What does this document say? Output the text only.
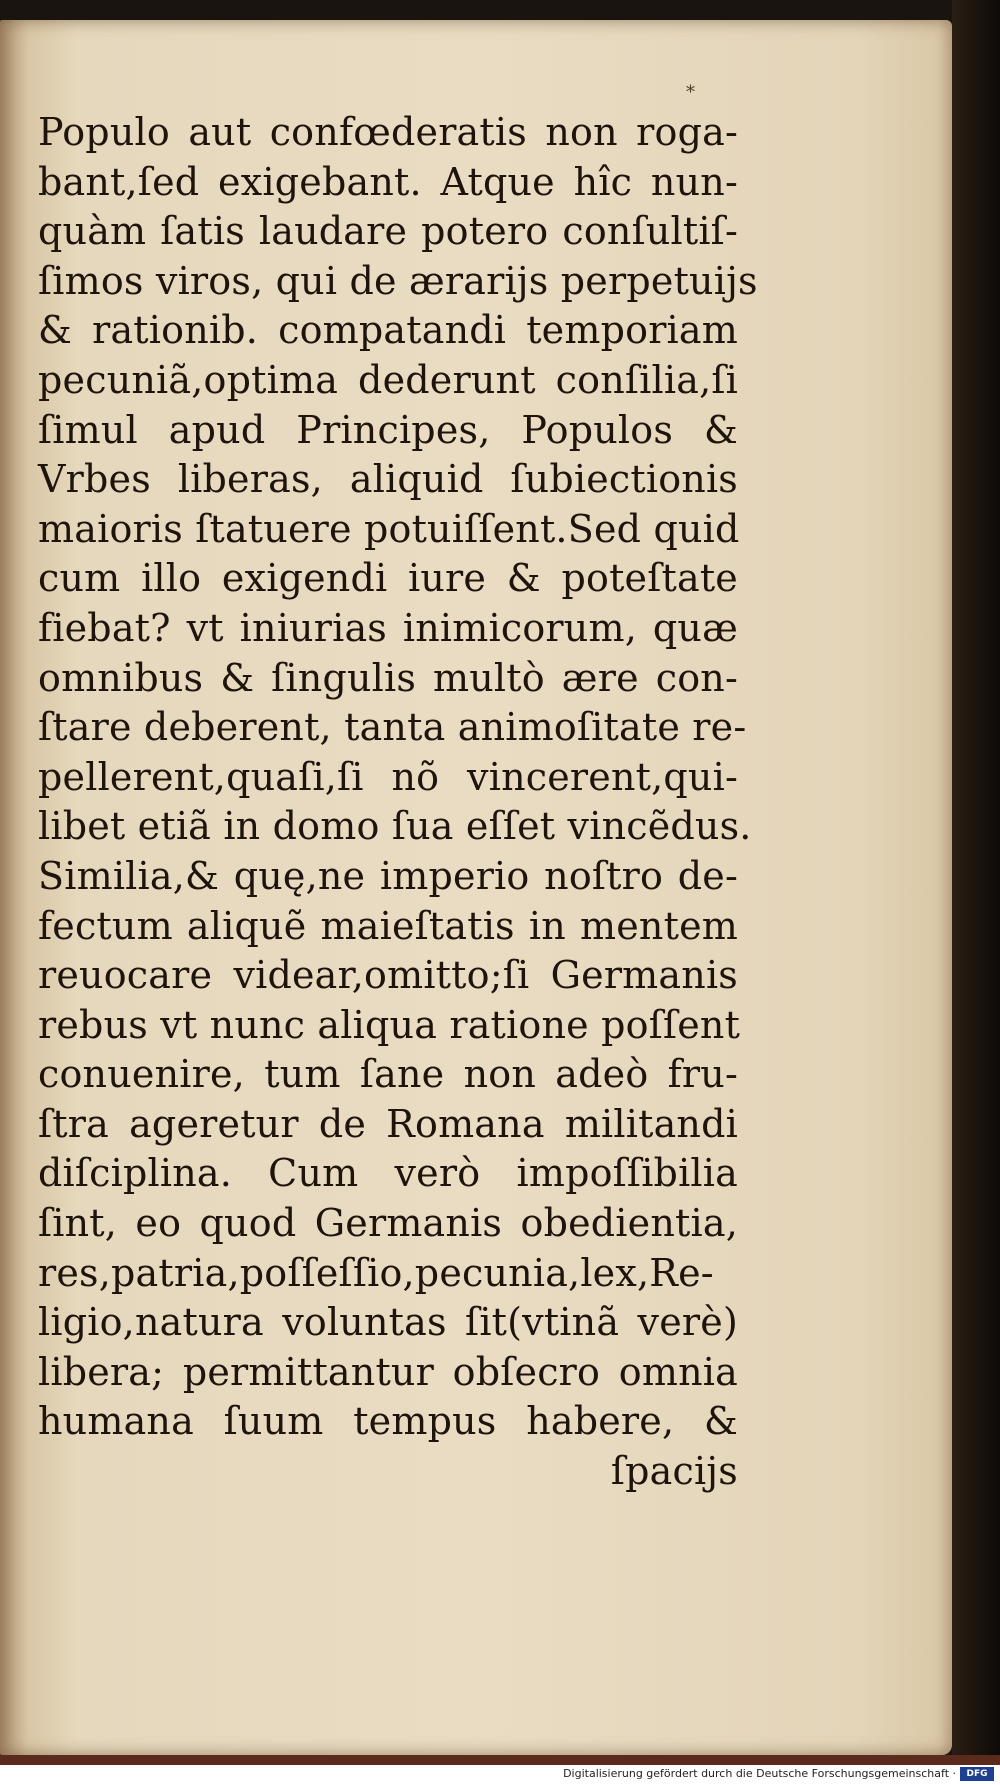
*
Populo aut confœderatis non roga-
bant,ſed exigebant. Atque hîc nun-
quàm ſatis laudare potero conſultiſ-
ſimos viros, qui de ærarijs perpetuijs
& rationib. compatandi temporiam
pecuniã,optima dederunt conſilia,ſi
ſimul apud Principes, Populos &
Vrbes liberas, aliquid ſubiectionis
maioris ſtatuere potuiſſent.Sed quid
cum illo exigendi iure & poteſtate
fiebat? vt iniurias inimicorum, quæ
omnibus & ſingulis multò ære con-
ſtare deberent, tanta animoſitate re-
pellerent,quaſi,ſi nõ vincerent,qui-
libet etiã in domo ſua eſſet vincẽdus.
Similia,& quę,ne imperio noſtro de-
fectum aliquẽ maieſtatis in mentem
reuocare videar,omitto;ſi Germanis
rebus vt nunc aliqua ratione poſſent
conuenire, tum ſane non adeò fru-
ſtra ageretur de Romana militandi
diſciplina. Cum verò impoſſibilia
ſint, eo quod Germanis obedientia,
res,patria,poſſeſſio,pecunia,lex,Re-
ligio,natura voluntas ſit(vtinã verè)
libera; permittantur obſecro omnia
humana ſuum tempus habere, &
ſpacijs
Digitalisierung gefördert durch die Deutsche Forschungsgemeinschaft ·	DFG
